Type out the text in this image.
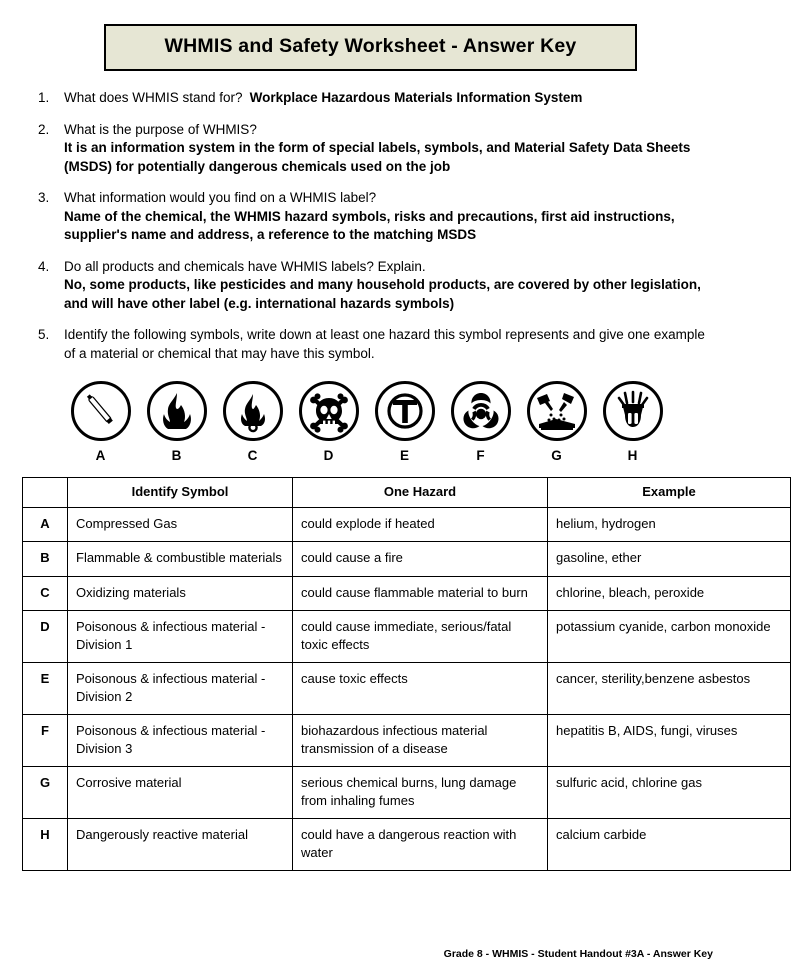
WHMIS and Safety Worksheet - Answer Key
1.	What does WHMIS stand for? Workplace Hazardous Materials Information System
2.	What is the purpose of WHMIS?
It is an information system in the form of special labels, symbols, and Material Safety Data Sheets (MSDS) for potentially dangerous chemicals used on the job
3.	What information would you find on a WHMIS label?
Name of the chemical, the WHMIS hazard symbols, risks and precautions, first aid instructions, supplier's name and address, a reference to the matching MSDS
4.	Do all products and chemicals have WHMIS labels? Explain.
No, some products, like pesticides and many household products, are covered by other legislation, and will have other label (e.g. international hazards symbols)
5.	Identify the following symbols, write down at least one hazard this symbol represents and give one example of a material or chemical that may have this symbol.
A	B	C	D	E	F	G	H
	Identify Symbol	One Hazard	Example
A	Compressed Gas	could explode if heated	helium, hydrogen
B	Flammable & combustible materials	could cause a fire	gasoline, ether
C	Oxidizing materials	could cause flammable material to burn	chlorine, bleach, peroxide
D	Poisonous & infectious material - Division 1	could cause immediate, serious/fatal toxic effects	potassium cyanide, carbon monoxide
E	Poisonous & infectious material - Division 2	cause toxic effects	cancer, sterility,benzene asbestos
F	Poisonous & infectious material - Division 3	biohazardous infectious material transmission of a disease	hepatitis B, AIDS, fungi, viruses
G	Corrosive material	serious chemical burns, lung damage from inhaling fumes	sulfuric acid, chlorine gas
H	Dangerously reactive material	could have a dangerous reaction with water	calcium carbide
Grade 8 - WHMIS - Student Handout #3A - Answer Key
